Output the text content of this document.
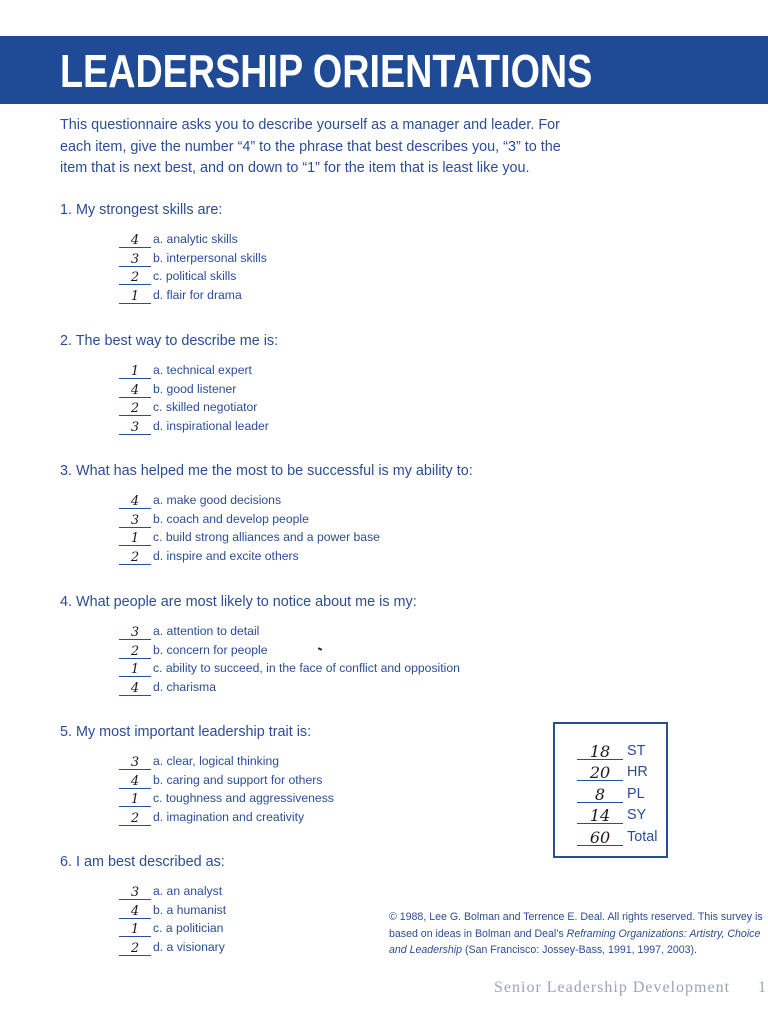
LEADERSHIP ORIENTATIONS

This questionnaire asks you to describe yourself as a manager and leader. For each item, give the number “4” to the phrase that best describes you, “3” to the item that is next best, and on down to “1” for the item that is least like you.

1. My strongest skills are:

4	a. analytic skills
3	b. interpersonal skills
2	c. political skills
1	d. flair for drama

2. The best way to describe me is:

1	a. technical expert
4	b. good listener
2	c. skilled negotiator
3	d. inspirational leader

3. What has helped me the most to be successful is my ability to:

4	a. make good decisions
3	b. coach and develop people
1	c. build strong alliances and a power base
2	d. inspire and excite others

4. What people are most likely to notice about me is my:

3	a. attention to detail
2	b. concern for people
1	c. ability to succeed, in the face of conflict and opposition
4	d. charisma

5. My most important leadership trait is:

3	a. clear, logical thinking
4	b. caring and support for others
1	c. toughness and aggressiveness
2	d. imagination and creativity

6. I am best described as:

3	a. an analyst
4	b. a humanist
1	c. a politician
2	d. a visionary
18	ST
20	HR
8	PL
14	SY
60	Total

© 1988, Lee G. Bolman and Terrence E. Deal. All rights reserved. This survey is based on ideas in Bolman and Deal’s Reframing Organizations: Artistry, Choice and Leadership (San Francisco: Jossey-Bass, 1991, 1997, 2003).

Senior Leadership Development 1
